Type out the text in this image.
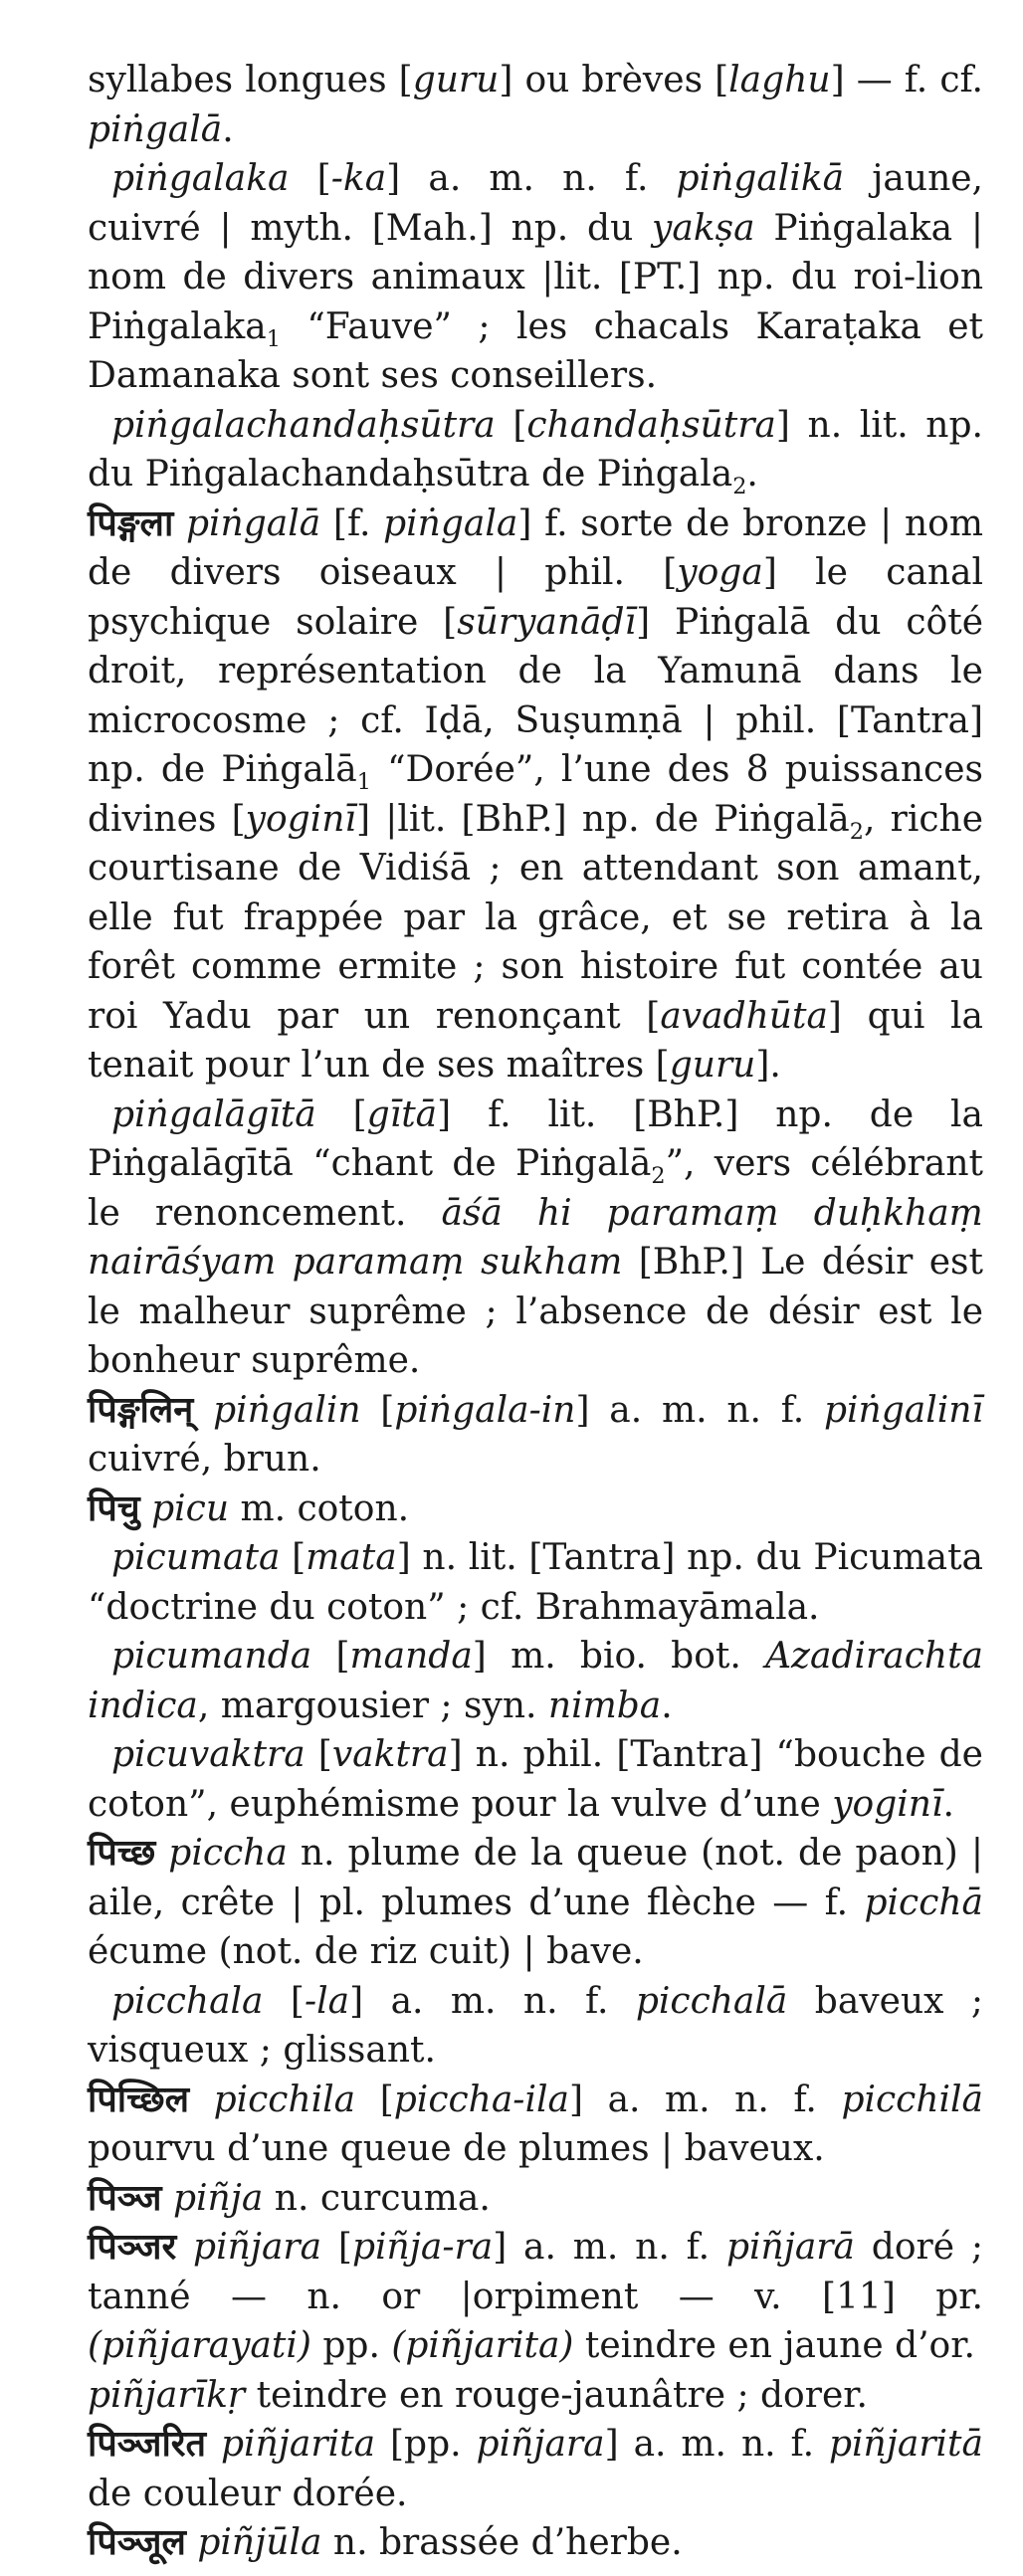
syllabes longues [guru] ou brèves [laghu] — f. cf. piṅgalā.

piṅgalaka [-ka] a. m. n. f. piṅgalikā jaune, cuivré | myth. [Mah.] np. du yakṣa Piṅgalaka | nom de divers animaux |lit. [PT.] np. du roi-lion Piṅgalaka$_1$ “Fauve” ; les chacals Karaṭaka et Damanaka sont ses conseillers.

piṅgalachandaḥsūtra [chandaḥsūtra] n. lit. np. du Piṅgalachandaḥsūtra de Piṅgala$_2$.

पिङ्गला piṅgalā [f. piṅgala] f. sorte de bronze | nom de divers oiseaux | phil. [yoga] le canal psychique solaire [sūryanāḍī] Piṅgalā du côté droit, représentation de la Yamunā dans le microcosme ; cf. Iḍā, Suṣumṇā | phil. [Tantra] np. de Piṅgalā$_1$ “Dorée”, l’une des 8 puissances divines [yoginī] |lit. [BhP.] np. de Piṅgalā$_2$, riche courtisane de Vidiśā ; en attendant son amant, elle fut frappée par la grâce, et se retira à la forêt comme ermite ; son histoire fut contée au roi Yadu par un renonçant [avadhūta] qui la tenait pour l’un de ses maîtres [guru].

piṅgalāgītā [gītā] f. lit. [BhP.] np. de la Piṅgalāgītā “chant de Piṅgalā$_2$”, vers célébrant le renoncement. āśā hi paramaṃ duḥkhaṃ nairāśyam paramaṃ sukham [BhP.] Le désir est le malheur suprême ; l’absence de désir est le bonheur suprême.

पिङ्गलिन् piṅgalin [piṅgala-in] a. m. n. f. piṅgalinī cuivré, brun.

पिचु picu m. coton.

picumata [mata] n. lit. [Tantra] np. du Picumata “doctrine du coton” ; cf. Brahmayāmala.

picumanda [manda] m. bio. bot. Azadirachta indica, margousier ; syn. nimba.

picuvaktra [vaktra] n. phil. [Tantra] “bouche de coton”, euphémisme pour la vulve d’une yoginī.

पिच्छ piccha n. plume de la queue (not. de paon) | aile, crête | pl. plumes d’une flèche — f. picchā écume (not. de riz cuit) | bave.

picchala [-la] a. m. n. f. picchalā baveux ; visqueux ; glissant.

पिच्छिल picchila [piccha-ila] a. m. n. f. picchilā pourvu d’une queue de plumes | baveux.

पिञ्ज piñja n. curcuma.

पिञ्जर piñjara [piñja-ra] a. m. n. f. piñjarā doré ; tanné — n. or |orpiment — v. [11] pr. (piñjarayati) pp. (piñjarita) teindre en jaune d’or.

piñjarīkṛ teindre en rouge-jaunâtre ; dorer.

पिञ्जरित piñjarita [pp. piñjara] a. m. n. f. piñjaritā de couleur dorée.

पिञ्जूल piñjūla n. brassée d’herbe.
